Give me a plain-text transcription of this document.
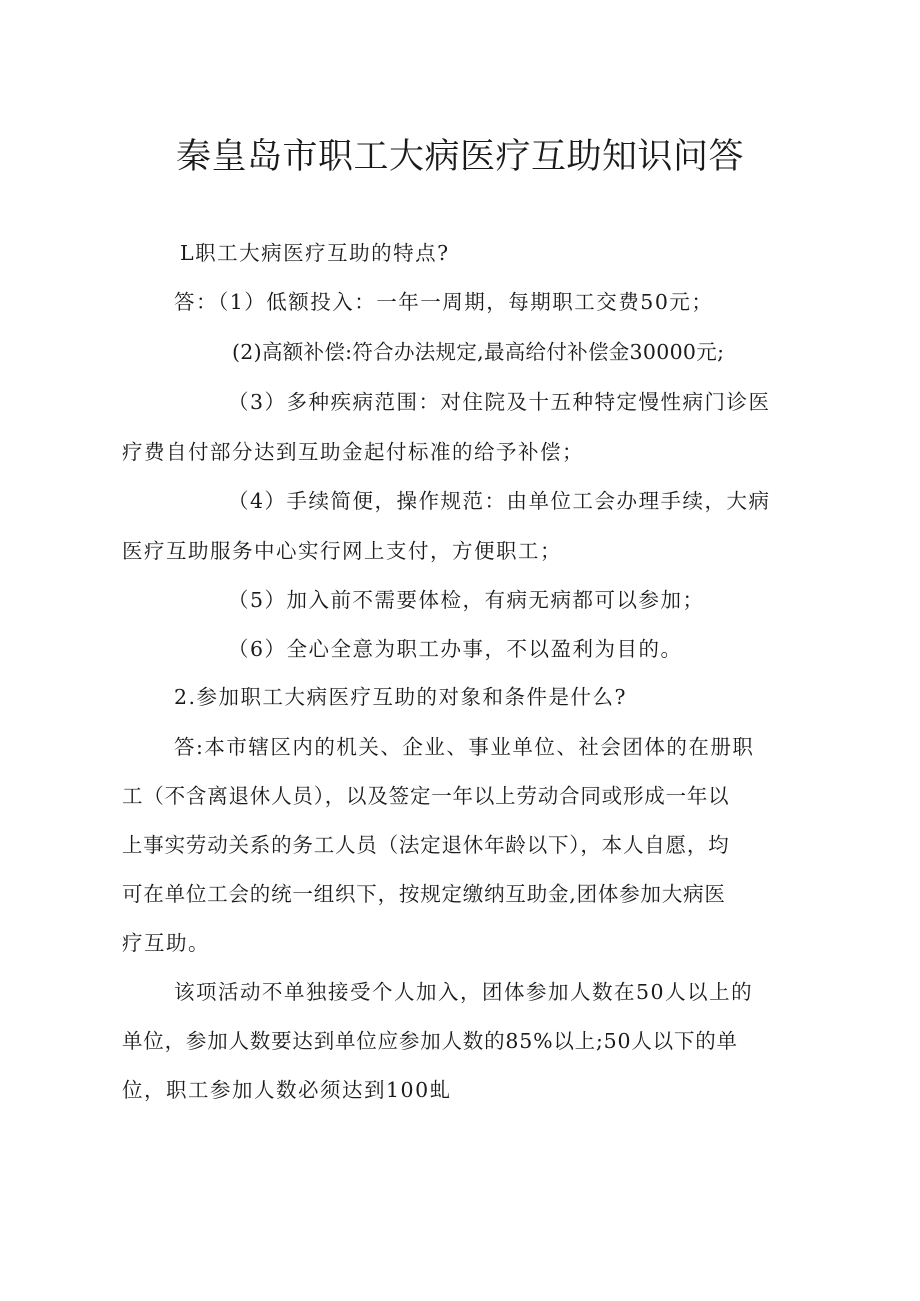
秦皇岛市职工大病医疗互助知识问答
L职工大病医疗互助的特点?
答：（1）低额投入：一年一周期，每期职工交费50元；
(2)高额补偿:符合办法规定,最高给付补偿金30000元;
（3）多种疾病范围：对住院及十五种特定慢性病门诊医
疗费自付部分达到互助金起付标准的给予补偿；
（4）手续简便，操作规范：由单位工会办理手续，大病
医疗互助服务中心实行网上支付，方便职工；
（5）加入前不需要体检，有病无病都可以参加；
（6）全心全意为职工办事，不以盈利为目的。
2.参加职工大病医疗互助的对象和条件是什么?
答:本市辖区内的机关、企业、事业单位、社会团体的在册职
工（不含离退休人员），以及签定一年以上劳动合同或形成一年以
上事实劳动关系的务工人员（法定退休年龄以下），本人自愿，均
可在单位工会的统一组织下，按规定缴纳互助金,团体参加大病医
疗互助。
该项活动不单独接受个人加入，团体参加人数在50人以上的
单位，参加人数要达到单位应参加人数的85%以上;50人以下的单
位，职工参加人数必须达到100虬
